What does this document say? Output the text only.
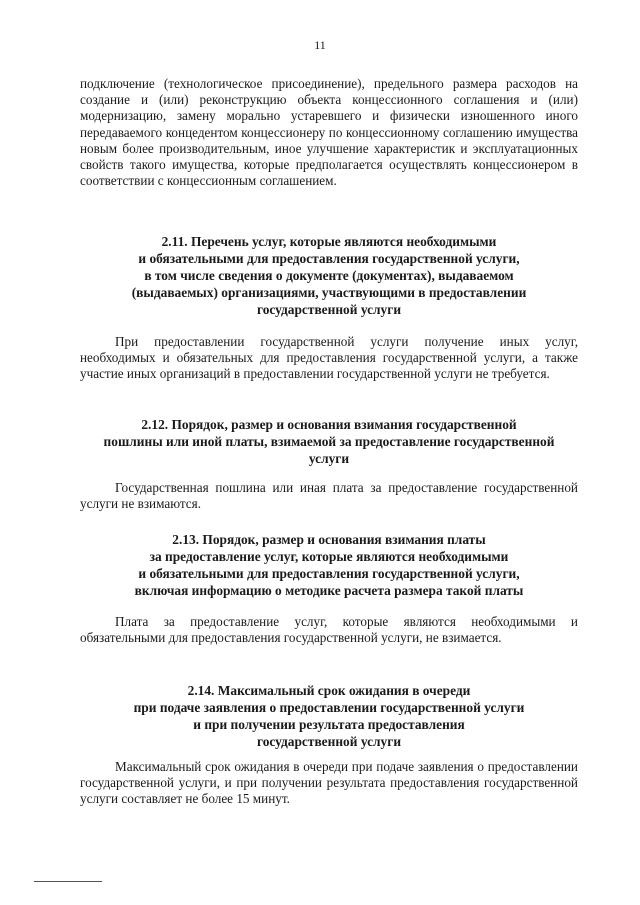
11

подключение (технологическое присоединение), предельного размера расходов на создание и (или) реконструкцию объекта концессионного соглашения и (или) модернизацию, замену морально устаревшего и физически изношенного иного передаваемого концедентом концессионеру по концессионному соглашению имущества новым более производительным, иное улучшение характеристик и эксплуатационных свойств такого имущества, которые предполагается осуществлять концессионером в соответствии с концессионным соглашением.

2.11. Перечень услуг, которые являются необходимыми
и обязательными для предоставления государственной услуги,
в том числе сведения о документе (документах), выдаваемом
(выдаваемых) организациями, участвующими в предоставлении
государственной услуги

При предоставлении государственной услуги получение иных услуг, необходимых и обязательных для предоставления государственной услуги, а также участие иных организаций в предоставлении государственной услуги не требуется.

2.12. Порядок, размер и основания взимания государственной
пошлины или иной платы, взимаемой за предоставление государственной
услуги

Государственная пошлина или иная плата за предоставление государственной услуги не взимаются.

2.13. Порядок, размер и основания взимания платы
за предоставление услуг, которые являются необходимыми
и обязательными для предоставления государственной услуги,
включая информацию о методике расчета размера такой платы

Плата за предоставление услуг, которые являются необходимыми и обязательными для предоставления государственной услуги, не взимается.

2.14. Максимальный срок ожидания в очереди
при подаче заявления о предоставлении государственной услуги
и при получении результата предоставления
государственной услуги

Максимальный срок ожидания в очереди при подаче заявления о предоставлении государственной услуги, и при получении результата предоставления государственной услуги составляет не более 15 минут.
